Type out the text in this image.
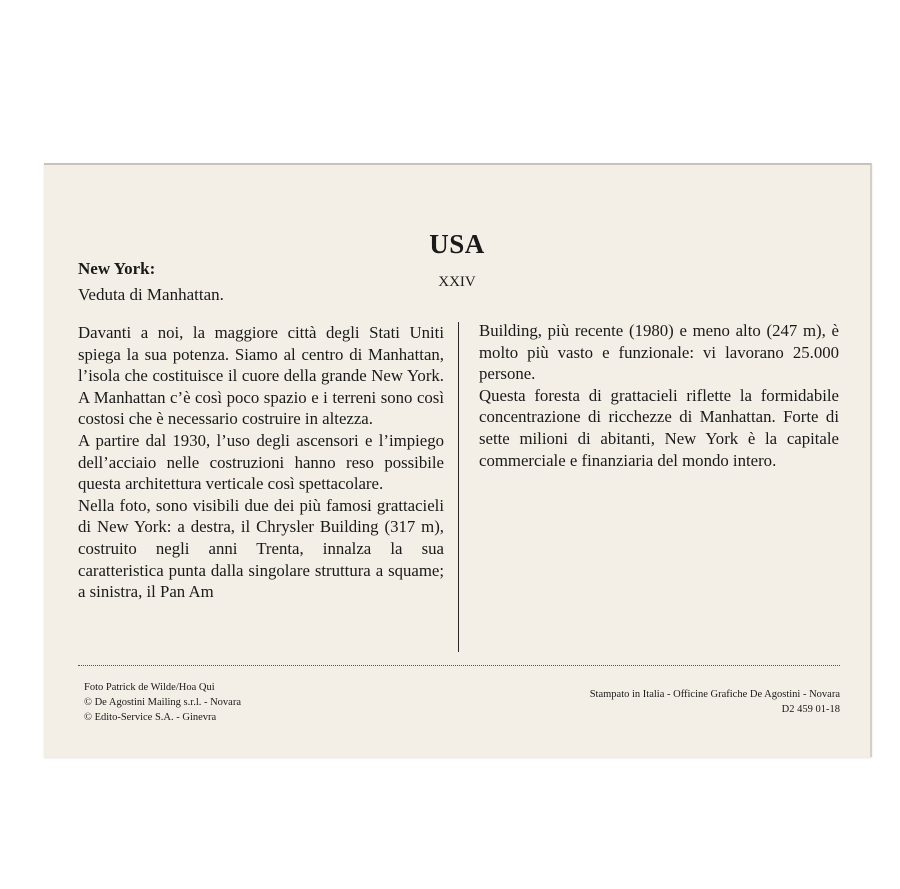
USA
XXIV
New York:
Veduta di Manhattan.

Davanti a noi, la maggiore città degli Stati Uniti spiega la sua potenza. Siamo al centro di Manhattan, l’isola che costituisce il cuore della grande New York. A Manhattan c’è così poco spazio e i terreni sono così costosi che è necessario costruire in altezza.

A partire dal 1930, l’uso degli ascensori e l’impiego dell’acciaio nelle costruzioni hanno reso possibile questa architettura verticale così spettacolare.

Nella foto, sono visibili due dei più famosi grattacieli di New York: a destra, il Chrysler Building (317 m), costruito negli anni Trenta, innalza la sua caratteristica punta dalla singolare struttura a squame; a sinistra, il Pan Am

Building, più recente (1980) e meno alto (247 m), è molto più vasto e funzionale: vi lavorano 25.000 persone.

Questa foresta di grattacieli riflette la formidabile concentrazione di ricchezze di Manhattan. Forte di sette milioni di abitanti, New York è la capitale commerciale e finanziaria del mondo intero.

Foto Patrick de Wilde/Hoa Qui
© De Agostini Mailing s.r.l. - Novara
© Edito-Service S.A. - Ginevra
Stampato in Italia - Officine Grafiche De Agostini - Novara
D2 459 01-18
